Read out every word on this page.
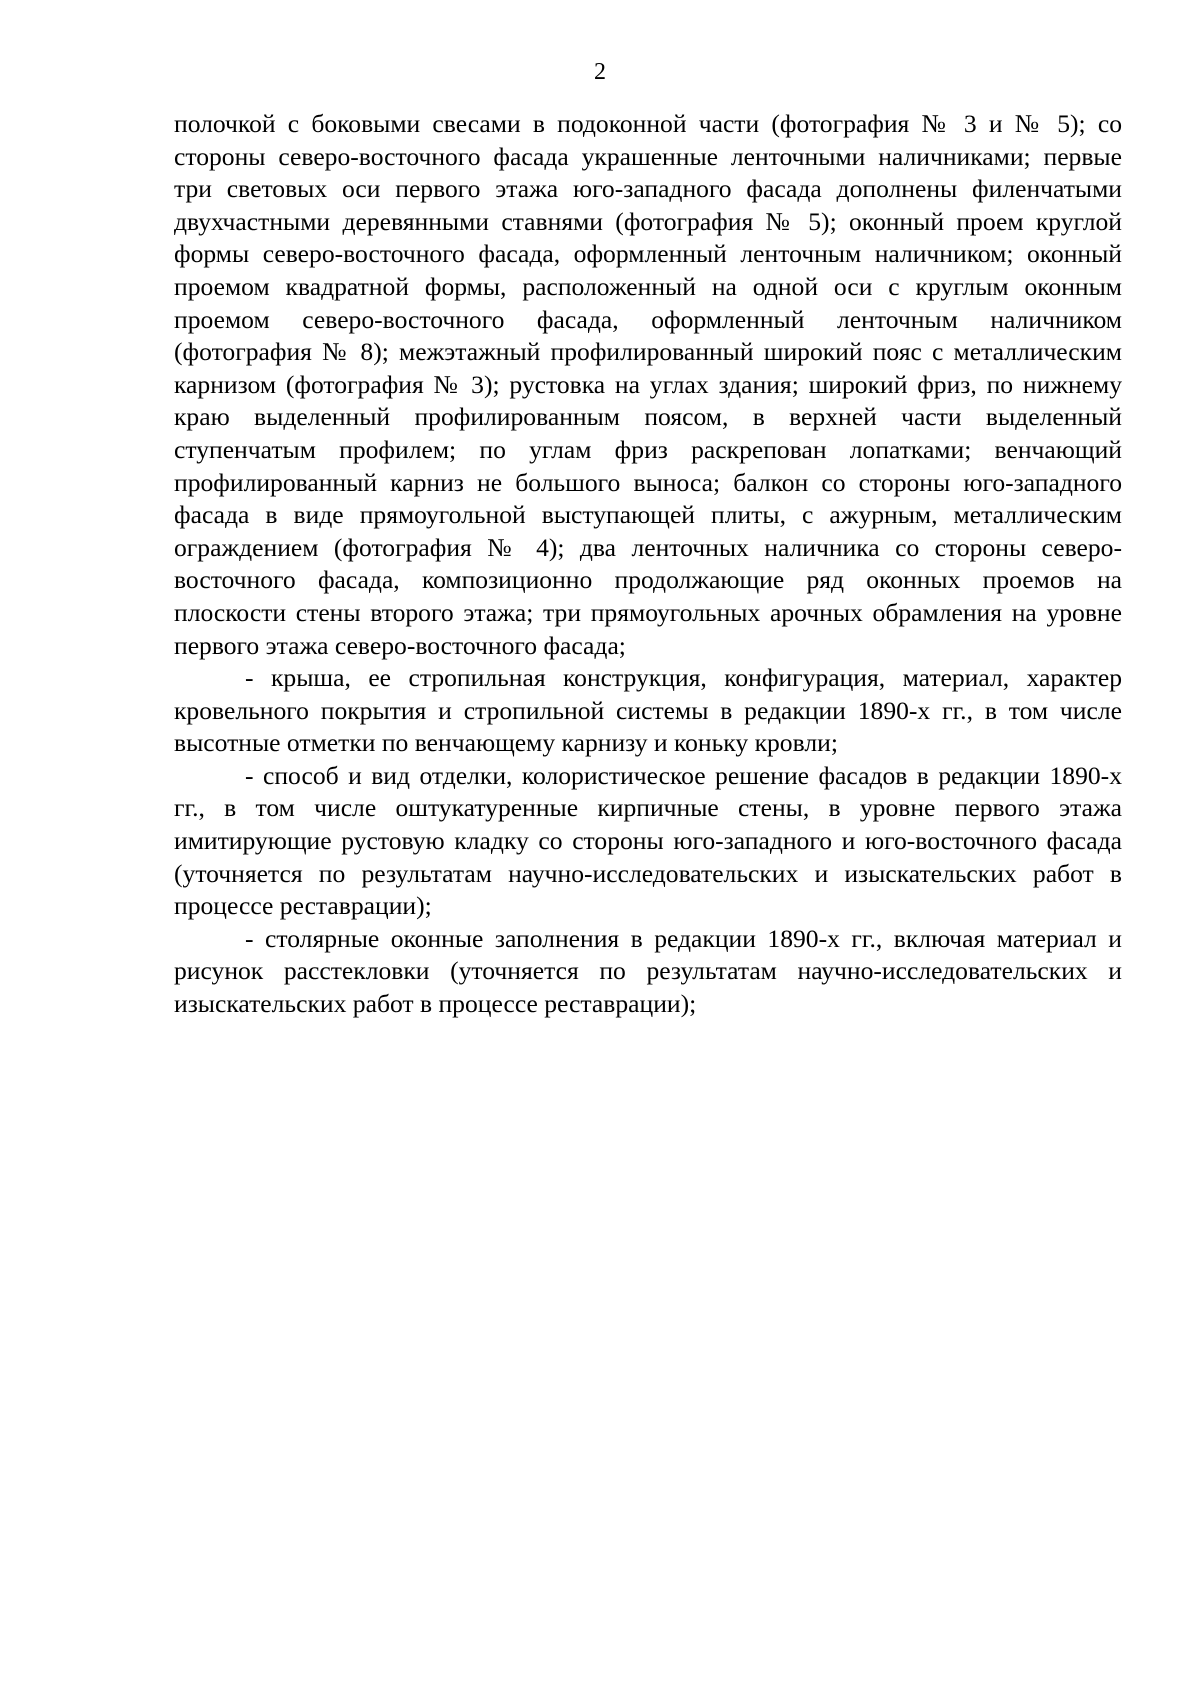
2

полочкой с боковыми свесами в подоконной части (фотография № 3 и № 5); со стороны северо-восточного фасада украшенные ленточными наличниками; первые три световых оси первого этажа юго-западного фасада дополнены филенчатыми двухчастными деревянными ставнями (фотография № 5); оконный проем круглой формы северо-восточного фасада, оформленный ленточным наличником; оконный проемом квадратной формы, расположенный на одной оси с круглым оконным проемом северо-восточного фасада, оформленный ленточным наличником (фотография № 8); межэтажный профилированный широкий пояс с металлическим карнизом (фотография № 3); рустовка на углах здания; широкий фриз, по нижнему краю выделенный профилированным поясом, в верхней части выделенный ступенчатым профилем; по углам фриз раскрепован лопатками; венчающий профилированный карниз не большого выноса; балкон со стороны юго-западного фасада в виде прямоугольной выступающей плиты, с ажурным, металлическим ограждением (фотография № 4); два ленточных наличника со стороны северо-восточного фасада, композиционно продолжающие ряд оконных проемов на плоскости стены второго этажа; три прямоугольных арочных обрамления на уровне первого этажа северо-восточного фасада;

- крыша, ее стропильная конструкция, конфигурация, материал, характер кровельного покрытия и стропильной системы в редакции 1890-х гг., в том числе высотные отметки по венчающему карнизу и коньку кровли;

- способ и вид отделки, колористическое решение фасадов в редакции 1890-х гг., в том числе оштукатуренные кирпичные стены, в уровне первого этажа имитирующие рустовую кладку со стороны юго-западного и юго-восточного фасада (уточняется по результатам научно-исследовательских и изыскательских работ в процессе реставрации);

- столярные оконные заполнения в редакции 1890-х гг., включая материал и рисунок расстекловки (уточняется по результатам научно-исследовательских и изыскательских работ в процессе реставрации);
